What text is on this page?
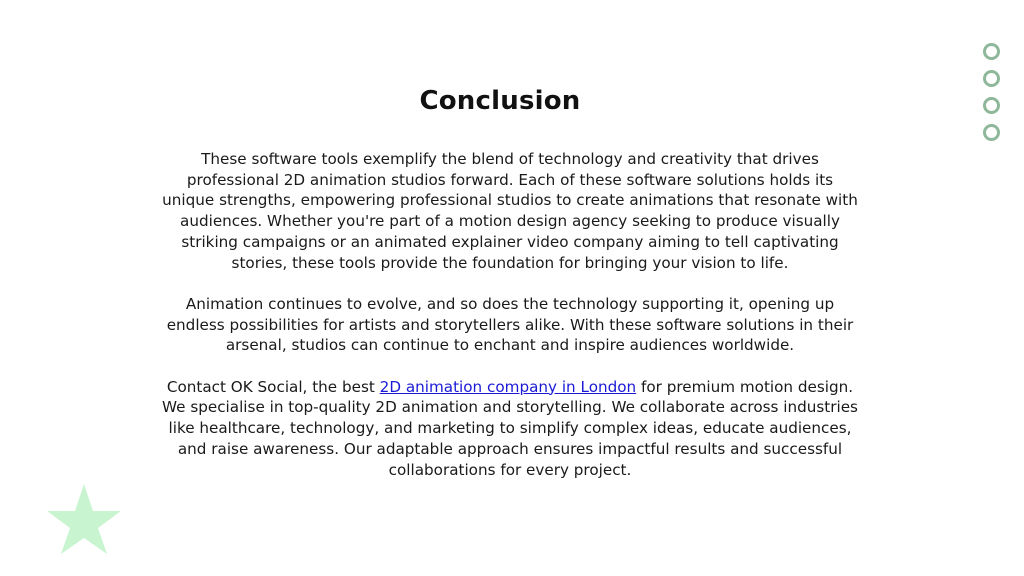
Conclusion

These software tools exemplify the blend of technology and creativity that drives professional 2D animation studios forward. Each of these software solutions holds its unique strengths, empowering professional studios to create animations that resonate with audiences. Whether you're part of a motion design agency seeking to produce visually striking campaigns or an animated explainer video company aiming to tell captivating stories, these tools provide the foundation for bringing your vision to life.

Animation continues to evolve, and so does the technology supporting it, opening up endless possibilities for artists and storytellers alike. With these software solutions in their arsenal, studios can continue to enchant and inspire audiences worldwide.

Contact OK Social, the best 2D animation company in London for premium motion design. We specialise in top-quality 2D animation and storytelling. We collaborate across industries like healthcare, technology, and marketing to simplify complex ideas, educate audiences, and raise awareness. Our adaptable approach ensures impactful results and successful collaborations for every project.
